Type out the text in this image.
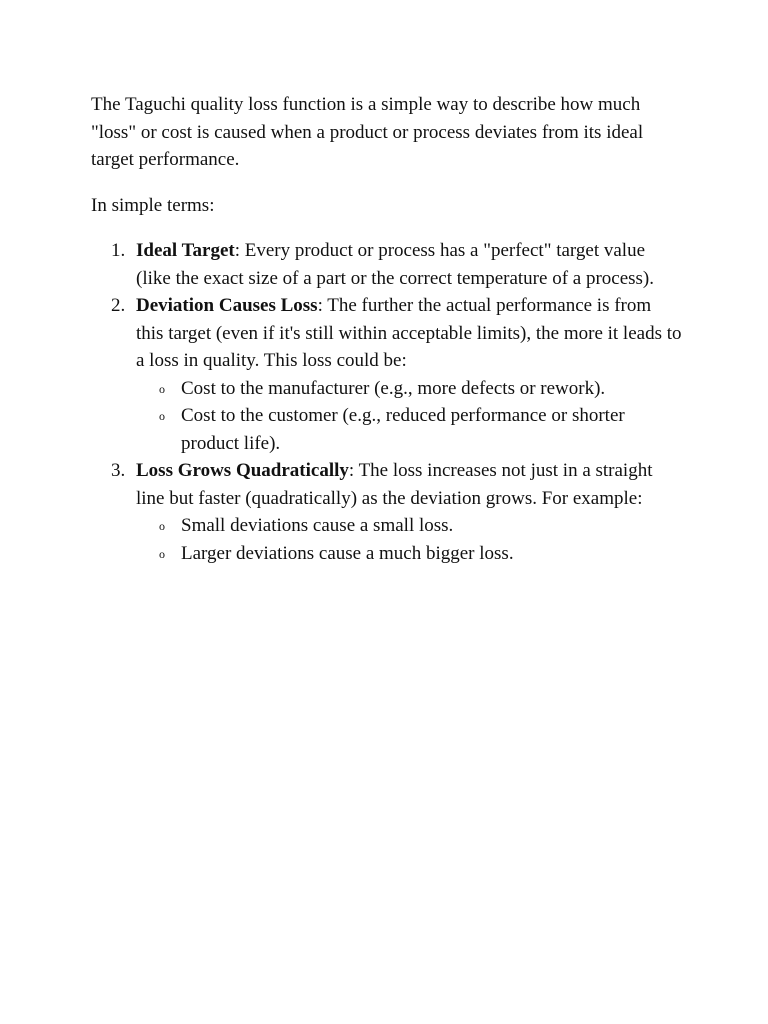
The Taguchi quality loss function is a simple way to describe how much "loss" or cost is caused when a product or process deviates from its ideal target performance.

In simple terms:

1. Ideal Target: Every product or process has a "perfect" target value (like the exact size of a part or the correct temperature of a process).
2. Deviation Causes Loss: The further the actual performance is from this target (even if it's still within acceptable limits), the more it leads to a loss in quality. This loss could be:
o Cost to the manufacturer (e.g., more defects or rework).
o Cost to the customer (e.g., reduced performance or shorter product life).
3. Loss Grows Quadratically: The loss increases not just in a straight line but faster (quadratically) as the deviation grows. For example:
o Small deviations cause a small loss.
o Larger deviations cause a much bigger loss.
